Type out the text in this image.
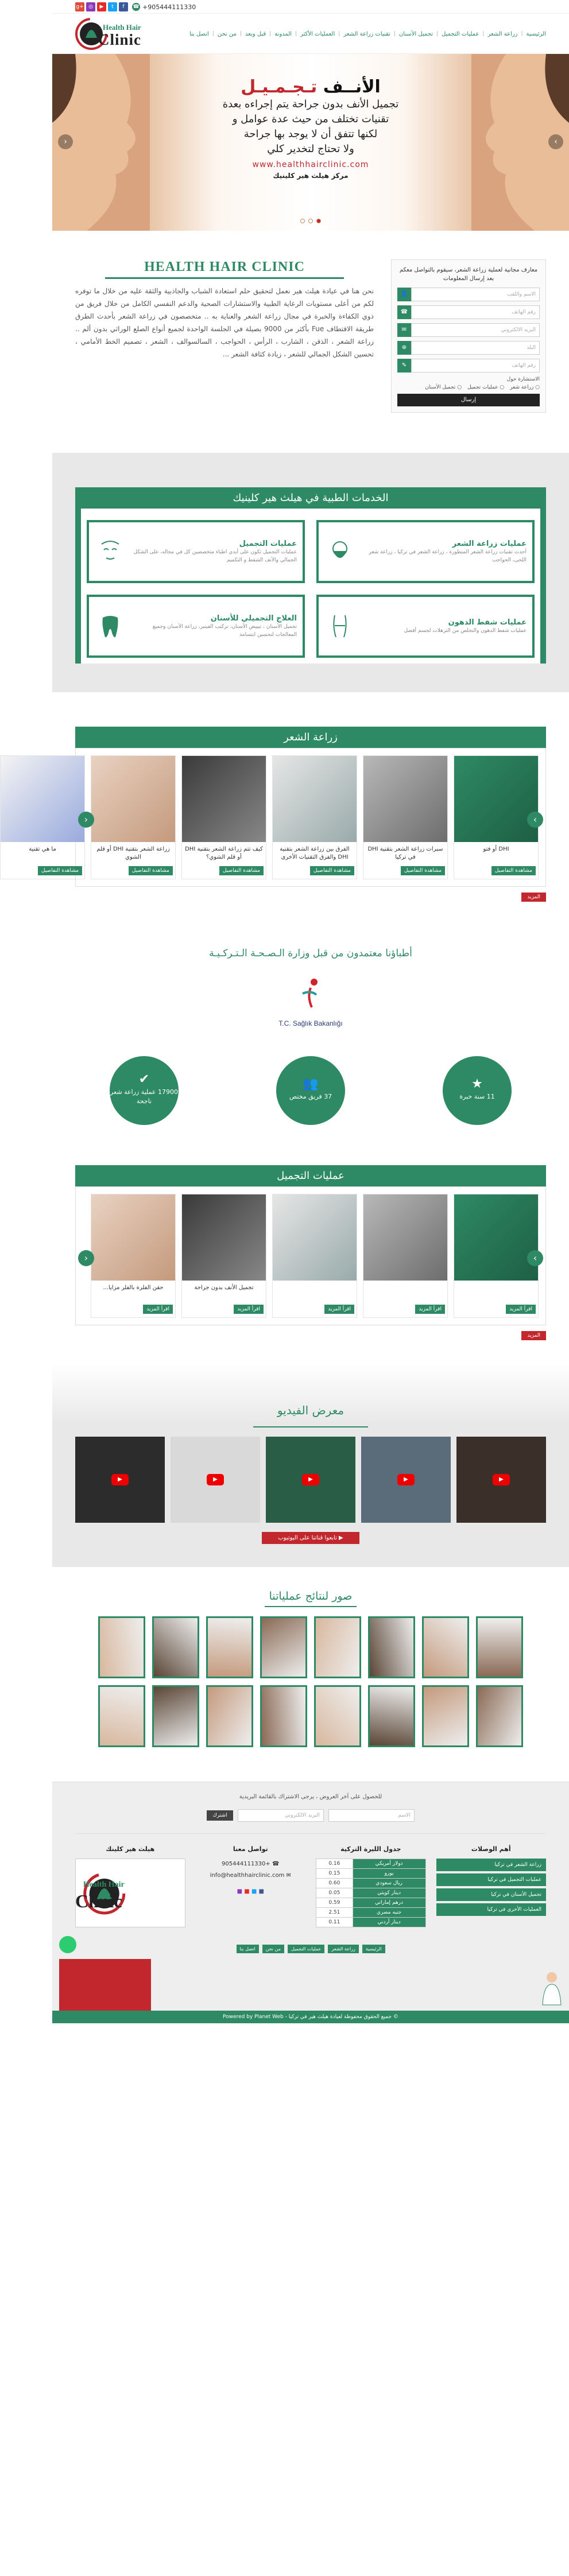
g+ ◎ ▶ t f	☎ +905444111330
الرئيسية
|
زراعة الشعر
|
عمليات التجميل
|
تجميل الأسنان
|
تقنيات زراعة الشعر
|
العمليات الأكثر
|
المدونة
|
قبل وبعد
|
من نحن
|
اتصل بنا
Health Hair
Clinic
الأنــف تـجـمـيـل
تجميل الأنف بدون جراحة يتم إجراءه بعدة
تقنيات تختلف من حيث عدة عوامل و
لكنها تتفق أن لا يوجد بها جراحة
ولا تحتاج لتخدير كلي
www.healthhairclinic.com
مركز هيلث هير كلينيك
‹	›
معارف مجانية لعملية زراعة الشعر، سيقوم بالتواصل معكم بعد إرسال المعلومات
الاسم واللقب
👤
رقم الهاتف
☎
البريد الالكتروني
✉
البلد
⊕
رقم الهاتف
✎
الاستشارة حول
○ زراعة شعر
○ عمليات تجميل
○ تجميل الأسنان
إرسال
HEALTH HAIR CLINIC

نحن هنا في عيادة هيلث هير نعمل لتحقيق حلم استعادة الشباب والجاذبية والثقة عليه من خلال ما توفره لكم من أعلى مستويات الرعاية الطبية والاستشارات الصحية والدعم النفسي الكامل من خلال فريق من ذوي الكفاءة والخبرة في مجال زراعة الشعر والعناية به .. متخصصون في زراعة الشعر بأحدث الطرق طريقة الاقتطاف Fue بأكثر من 9000 بصيلة في الجلسة الواحدة لجميع أنواع الصلع الوراثي بدون ألم .. زراعة الشعر ، الذقن ، الشارب ، الرأس ، الحواجب ، السالسوالف ، الشعر ، تصميم الخط الأمامي ، تحسين الشكل الجمالي للشعر ، زيادة كثافة الشعر ...

الخدمات الطبية في هيلث هير كلينيك
عمليات زراعة الشعر
أحدث تقنيات زراعة الشعر المتطورة ، زراعة الشعر في تركيا ، زراعة شعر اللحى، الحواجب
عمليات التجميل
عمليات التجميل تكون على أيدي اطباء متخصصين كل في مجاله، على الشكل الجمالي والأنف الشفط و التكميم
عمليات شفط الدهون
عمليات شفط الدهون والتخلص من الترهلات لجسم أفضل
العلاج التجميلي للأسنان
تجميل الأسنان ، تبييض الأسنان، تركيب الفينير، زراعة الأسنان وجميع المعالجات لتحسين ابتسامة
زراعة الشعر
›
‹
DHI أو فتو
مشاهدة التفاصيل
سبرات زراعة الشعر بتقنية DHI في تركيا
مشاهدة التفاصيل
الفرق بين زراعة الشعر بتقنية DHI والفرق التقنيات الأخرى
مشاهدة التفاصيل
كيف تتم زراعة الشعر بتقنية DHI أو قلم الشوي؟
مشاهدة التفاصيل
زراعة الشعر بتقنية DHI أو قلم الشوي
مشاهدة التفاصيل
ما هي تقنية
مشاهدة التفاصيل
المزيد
أطباؤنا معتمدون من قبل وزارة الـصـحـة الـتـركـيـة
T.C. Sağlık Bakanlığı
★
11 سنة خبرة
👥
37 فريق مختص
✔
17900 عملية زراعة شعر ناجحة
عمليات التجميل
›
‹
اقرأ المزيد
اقرأ المزيد
اقرأ المزيد
تجميل الأنف بدون جراحة
اقرأ المزيد
حقن الفلرة بالفلر مزايا...
اقرأ المزيد
المزيد
معرض الفيديو
▶
▶
▶
▶
▶
▶ تابعوا قناتنا على اليوتيوب
صور لنتائج عملياتنا
للحصول على آخر العروض ، يرجى الاشتراك بالقائمة البريدية
الاسم
البريد الالكتروني
اشترك
أهم الوصلات
زراعة الشعر في تركيا
عمليات التجميل في تركيا
تجميل الأسنان في تركيا
العمليات الأخرى في تركيا
جدول الليرة التركية
دولار أمريكي	0.16
يورو	0.15
ريال سعودي	0.60
دينار كويتي	0.05
درهم إماراتي	0.59
جنيه مصري	2.51
دينار أردني	0.11
تواصل معنا
☎ +905444111330
✉ info@healthhairclinic.com
■ ■ ■ ■
هيلث هير كلينك
Health Hair
Clinic
الرئيسية
زراعة الشعر
عمليات التجميل
من نحن
اتصل بنا
© جميع الحقوق محفوظة لعيادة هيلث هير في تركيا - Powered by Planet Web
